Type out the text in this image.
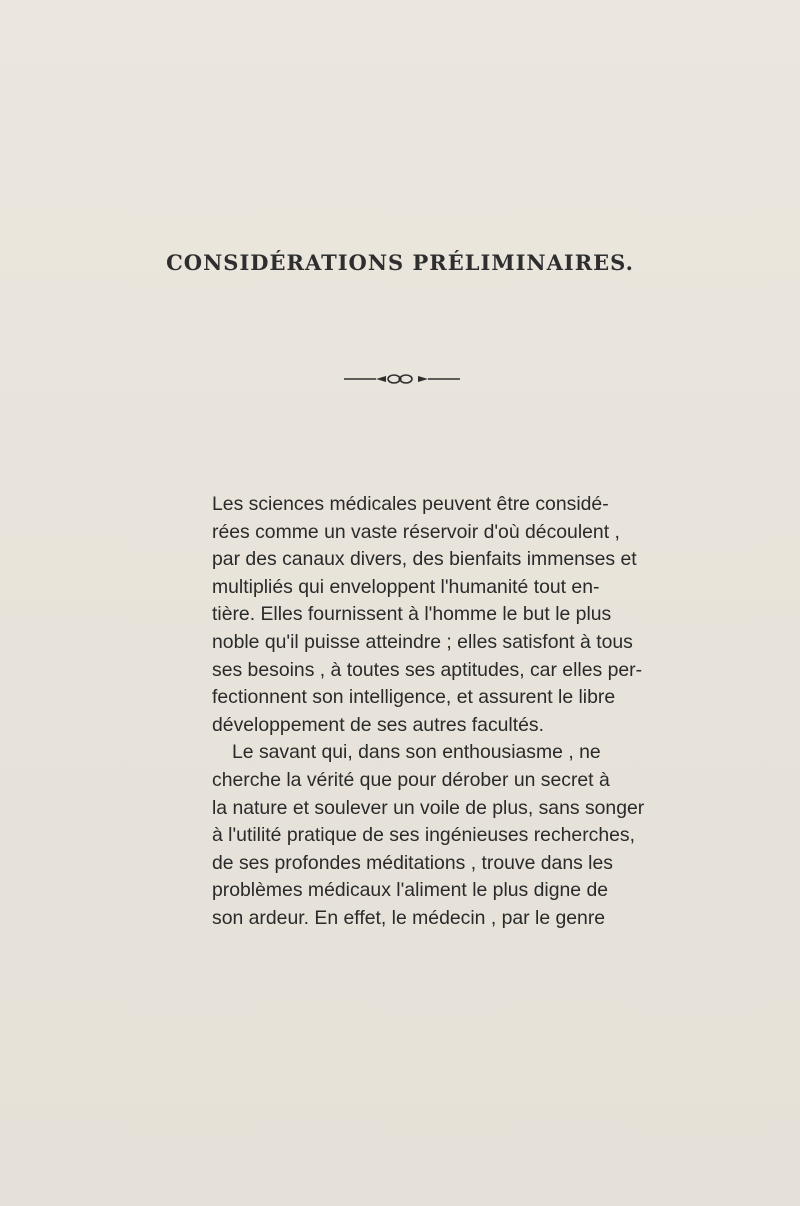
CONSIDÉRATIONS PRÉLIMINAIRES.
Les sciences médicales peuvent être considé-
rées comme un vaste réservoir d'où découlent ,
par des canaux divers, des bienfaits immenses et
multipliés qui enveloppent l'humanité tout en-
tière. Elles fournissent à l'homme le but le plus
noble qu'il puisse atteindre ; elles satisfont à tous
ses besoins , à toutes ses aptitudes, car elles per-
fectionnent son intelligence, et assurent le libre
développement de ses autres facultés.
Le savant qui, dans son enthousiasme , ne
cherche la vérité que pour dérober un secret à
la nature et soulever un voile de plus, sans songer
à l'utilité pratique de ses ingénieuses recherches,
de ses profondes méditations , trouve dans les
problèmes médicaux l'aliment le plus digne de
son ardeur. En effet, le médecin , par le genre
